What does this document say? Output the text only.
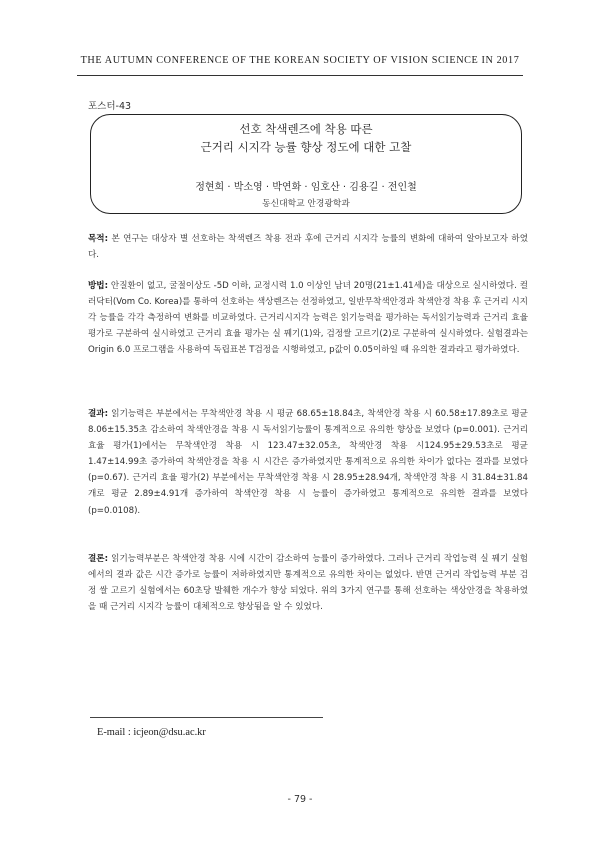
THE AUTUMN CONFERENCE OF THE KOREAN SOCIETY OF VISION SCIENCE IN 2017
포스터-43
선호 착색렌즈에 착용 따른
근거리 시지각 능률 향상 정도에 대한 고찰
정현희 · 박소영 · 박연화 · 임호산 · 김용길 · 전인철
동신대학교 안경광학과
목적: 본 연구는 대상자 별 선호하는 착색렌즈 착용 전과 후에 근거리 시지각 능률의 변화에 대하여 알아보고자 하였다.
방법: 안질환이 없고, 굴절이상도 -5D 이하, 교정시력 1.0 이상인 남녀 20명(21±1.41세)을 대상으로 실시하였다. 컬러닥터(Vom Co. Korea)를 통하여 선호하는 색상렌즈는 선정하였고, 일반무착색안경과 착색안경 착용 후 근거리 시지각 능률을 각각 측정하여 변화를 비교하였다. 근거리시지각 능력은 읽기능력을 평가하는 독서읽기능력과 근거리 효율 평가로 구분하여 실시하였고 근거리 효율 평가는 실 꿰기(1)와, 검정쌀 고르기(2)로 구분하여 실시하였다. 실험결과는 Origin 6.0 프로그램을 사용하여 독립표본 T검정을 시행하였고, p값이 0.05이하일 때 유의한 결과라고 평가하였다.
결과: 읽기능력은 부분에서는 무착색안경 착용 시 평균 68.65±18.84초, 착색안경 착용 시 60.58±17.89초로 평균 8.06±15.35초 감소하여 착색안경을 착용 시 독서읽기능률이 통계적으로 유의한 향상을 보였다 (p=0.001). 근거리 효율 평가(1)에서는 무착색안경 착용 시 123.47±32.05초, 착색안경 착용 시124.95±29.53초로 평균 1.47±14.99초 증가하여 착색안경을 착용 시 시간은 증가하였지만 통계적으로 유의한 차이가 없다는 결과를 보였다(p=0.67). 근거리 효율 평가(2) 부분에서는 무착색안경 착용 시 28.95±28.94개, 착색안경 착용 시 31.84±31.84개로 평균 2.89±4.91개 증가하여 착색안경 착용 시 능률이 증가하였고 통계적으로 유의한 결과를 보였다(p=0.0108).
결론: 읽기능력부분은 착색안경 착용 시에 시간이 감소하여 능률이 증가하였다. 그러나 근거리 작업능력 실 꿰기 실험에서의 결과 값은 시간 증가로 능률이 저하하였지만 통계적으로 유의한 차이는 없었다. 반면 근거리 작업능력 부분 검정 쌀 고르기 실험에서는 60초당 발췌한 개수가 향상 되었다. 위의 3가지 연구를 통해 선호하는 색상안경을 착용하였을 때 근거리 시지각 능률이 대체적으로 향상됨을 알 수 있었다.
E-mail : icjeon@dsu.ac.kr
- 79 -
